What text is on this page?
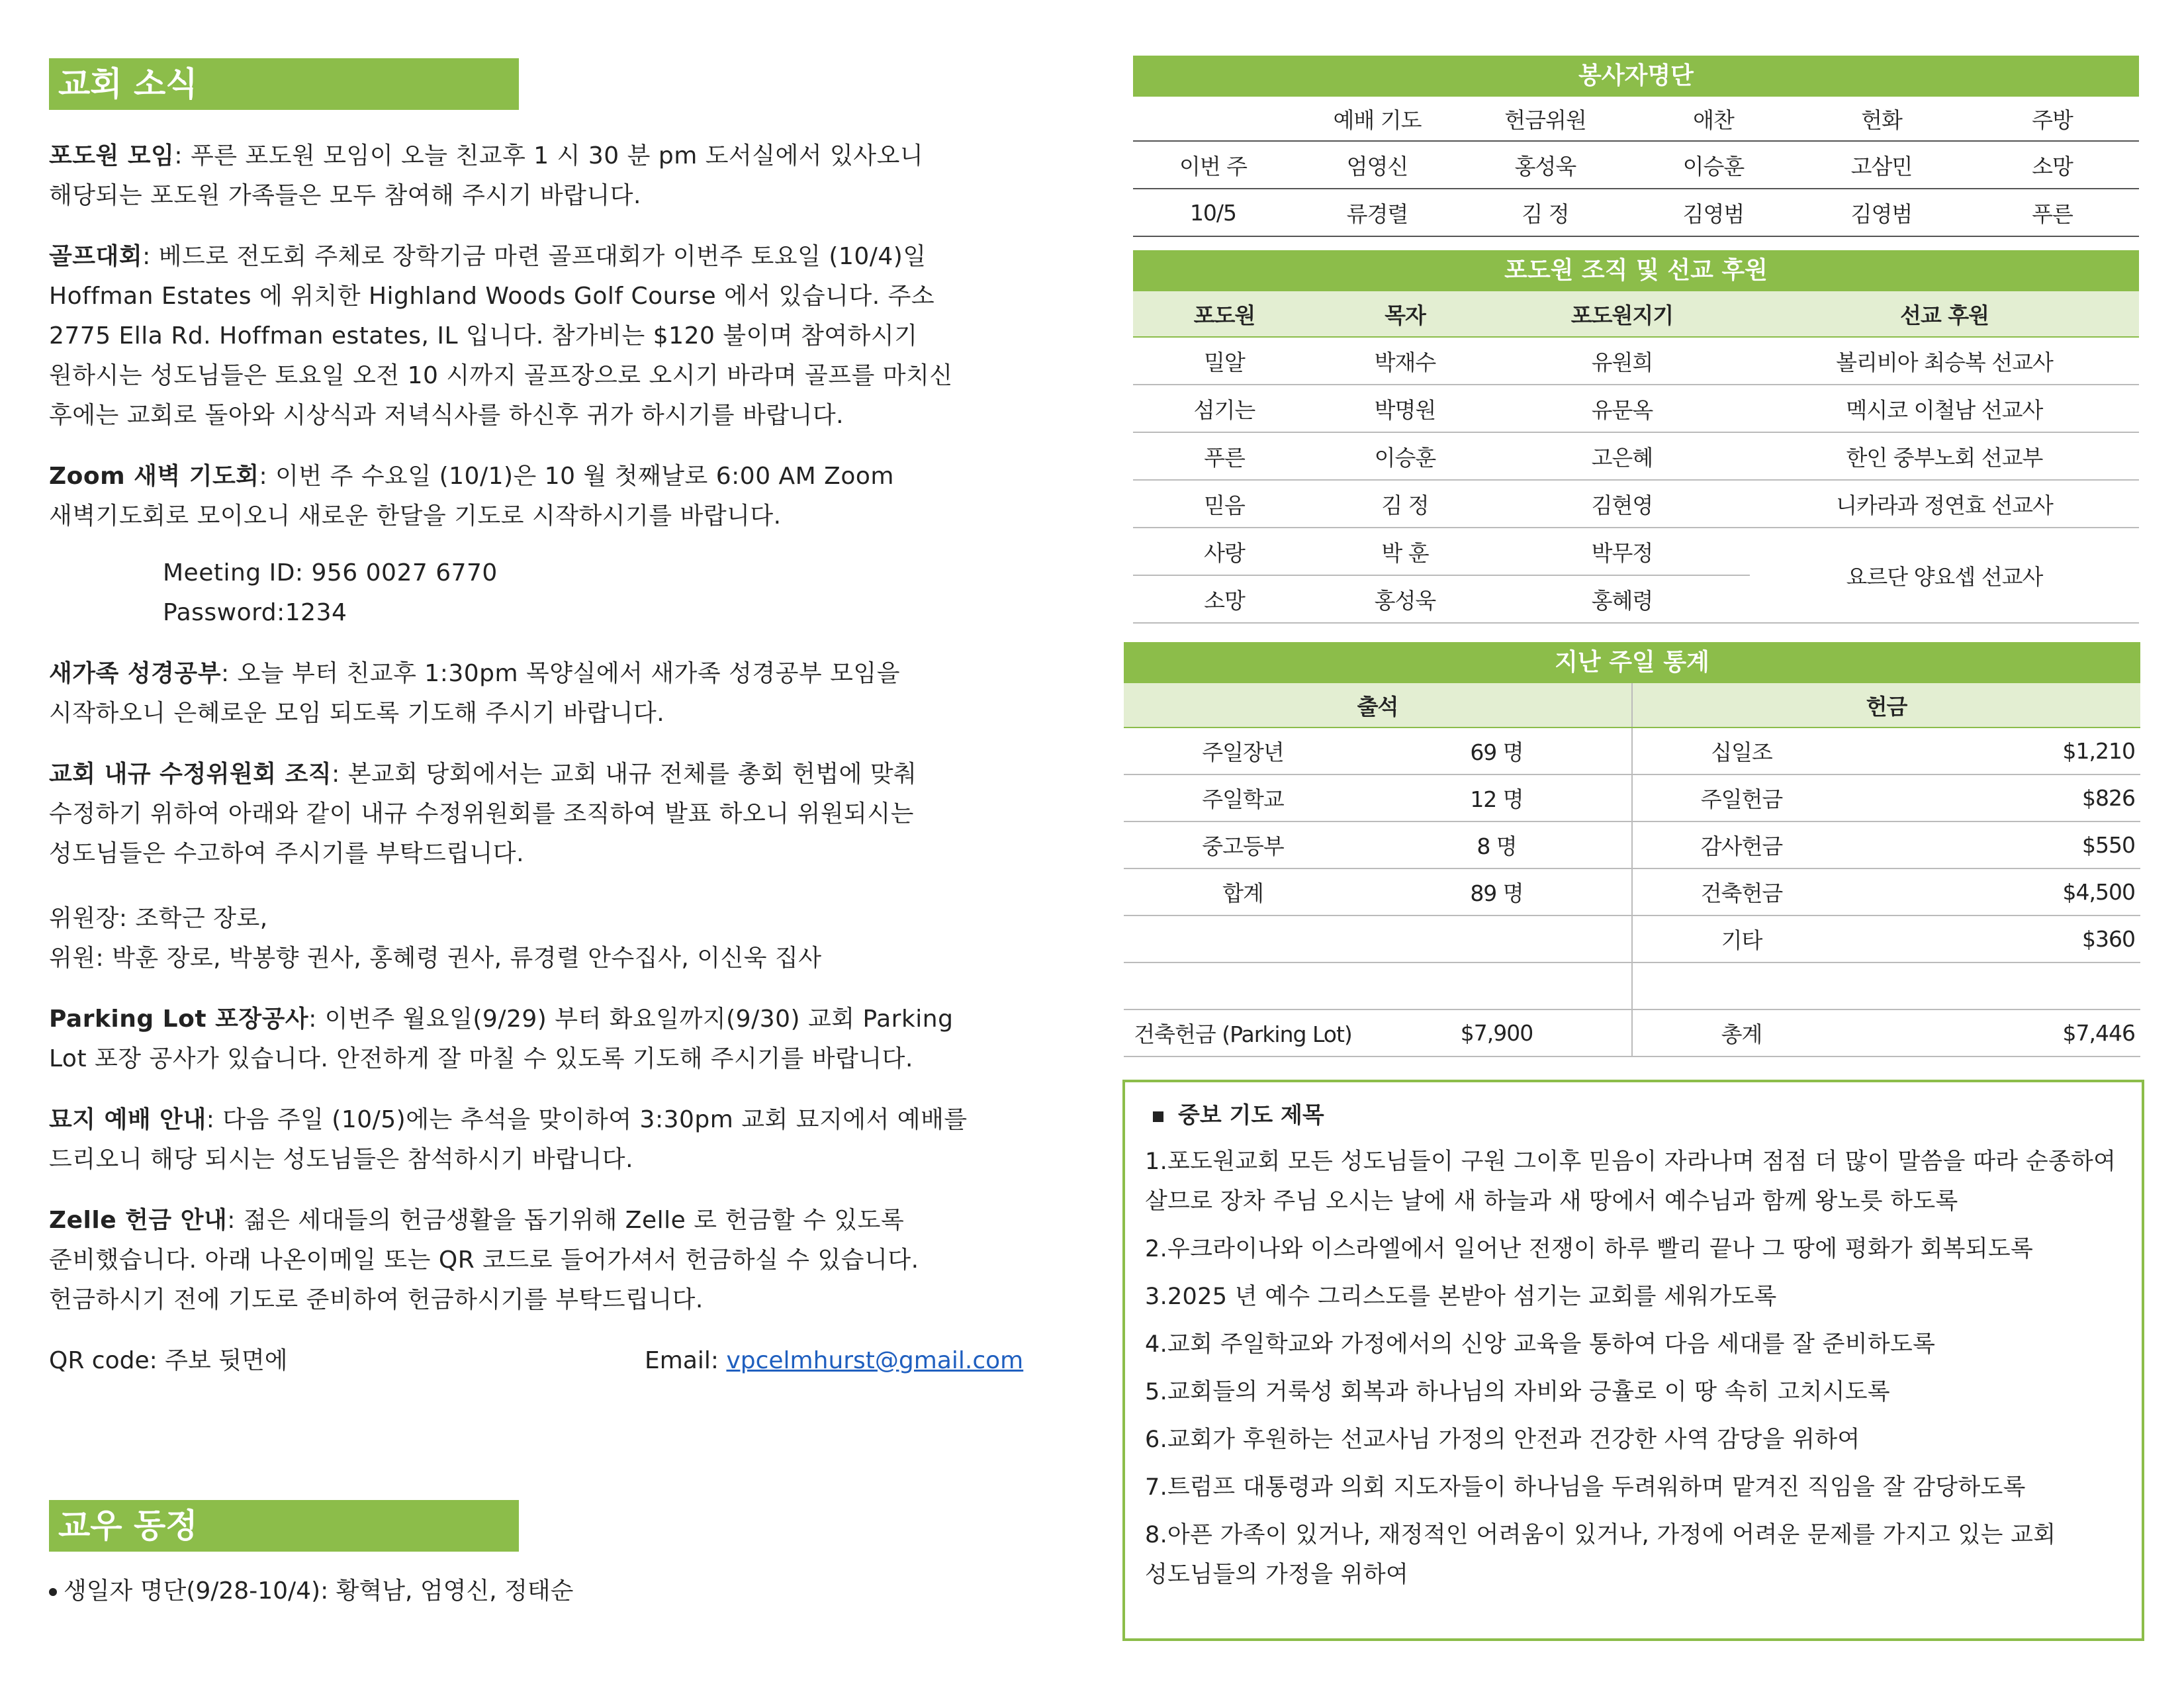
교회 소식
포도원 모임: 푸른 포도원 모임이 오늘 친교후 1 시 30 분 pm 도서실에서 있사오니
해당되는 포도원 가족들은 모두 참여해 주시기 바랍니다.
골프대회: 베드로 전도회 주체로 장학기금 마련 골프대회가 이번주 토요일 (10/4)일
Hoffman Estates 에 위치한 Highland Woods Golf Course 에서 있습니다. 주소
2775 Ella Rd. Hoffman estates, IL 입니다. 참가비는 $120 불이며 참여하시기
원하시는 성도님들은 토요일 오전 10 시까지 골프장으로 오시기 바라며 골프를 마치신
후에는 교회로 돌아와 시상식과 저녁식사를 하신후 귀가 하시기를 바랍니다.
Zoom 새벽 기도회: 이번 주 수요일 (10/1)은 10 월 첫째날로 6:00 AM Zoom
새벽기도회로 모이오니 새로운 한달을 기도로 시작하시기를 바랍니다.
Meeting ID: 956 0027 6770
Password:1234
새가족 성경공부: 오늘 부터 친교후 1:30pm 목양실에서 새가족 성경공부 모임을
시작하오니 은혜로운 모임 되도록 기도해 주시기 바랍니다.
교회 내규 수정위원회 조직: 본교회 당회에서는 교회 내규 전체를 총회 헌법에 맞춰
수정하기 위하여 아래와 같이 내규 수정위원회를 조직하여 발표 하오니 위원되시는
성도님들은 수고하여 주시기를 부탁드립니다.
위원장: 조학근 장로,
위원: 박훈 장로, 박봉향 권사, 홍혜령 권사, 류경렬 안수집사, 이신욱 집사
Parking Lot 포장공사: 이번주 월요일(9/29) 부터 화요일까지(9/30) 교회 Parking
Lot 포장 공사가 있습니다. 안전하게 잘 마칠 수 있도록 기도해 주시기를 바랍니다.
묘지 예배 안내: 다음 주일 (10/5)에는 추석을 맞이하여 3:30pm 교회 묘지에서 예배를
드리오니 해당 되시는 성도님들은 참석하시기 바랍니다.
Zelle 헌금 안내: 젊은 세대들의 헌금생활을 돕기위해 Zelle 로 헌금할 수 있도록
준비했습니다. 아래 나온이메일 또는 QR 코드로 들어가셔서 헌금하실 수 있습니다.
헌금하시기 전에 기도로 준비하여 헌금하시기를 부탁드립니다.
QR code: 주보 뒷면에	Email: vpcelmhurst@gmail.com
교우 동정
생일자 명단(9/28-10/4): 황혁남, 엄영신, 정태순
봉사자명단
	예배 기도	헌금위원	애찬	헌화	주방
이번 주	엄영신	홍성욱	이승훈	고삼민	소망
10/5	류경렬	김 정	김영범	김영범	푸른
포도원 조직 및 선교 후원
포도원	목자	포도원지기	선교 후원
밀알	박재수	유원희	볼리비아 최승복 선교사
섬기는	박명원	유문옥	멕시코 이철남 선교사
푸른	이승훈	고은혜	한인 중부노회 선교부
믿음	김 정	김현영	니카라과 정연효 선교사
사랑	박 훈	박무정	요르단 양요셉 선교사
소망	홍성욱	홍혜령	
지난 주일 통계
출석		헌금	
주일장년	69 명	십일조	$1,210
주일학교	12 명	주일헌금	$826
중고등부	8 명	감사헌금	$550
합계	89 명	건축헌금	$4,500
		기타	$360

건축헌금 (Parking Lot)	$7,900	총계	$7,446
중보 기도 제목
1.포도원교회 모든 성도님들이 구원 그이후 믿음이 자라나며 점점 더 많이 말씀을 따라 순종하여
살므로 장차 주님 오시는 날에 새 하늘과 새 땅에서 예수님과 함께 왕노릇 하도록
2.우크라이나와 이스라엘에서 일어난 전쟁이 하루 빨리 끝나 그 땅에 평화가 회복되도록
3.2025 년 예수 그리스도를 본받아 섬기는 교회를 세워가도록
4.교회 주일학교와 가정에서의 신앙 교육을 통하여 다음 세대를 잘 준비하도록
5.교회들의 거룩성 회복과 하나님의 자비와 긍휼로 이 땅 속히 고치시도록
6.교회가 후원하는 선교사님 가정의 안전과 건강한 사역 감당을 위하여
7.트럼프 대통령과 의회 지도자들이 하나님을 두려워하며 맡겨진 직임을 잘 감당하도록
8.아픈 가족이 있거나, 재정적인 어려움이 있거나, 가정에 어려운 문제를 가지고 있는 교회
성도님들의 가정을 위하여
